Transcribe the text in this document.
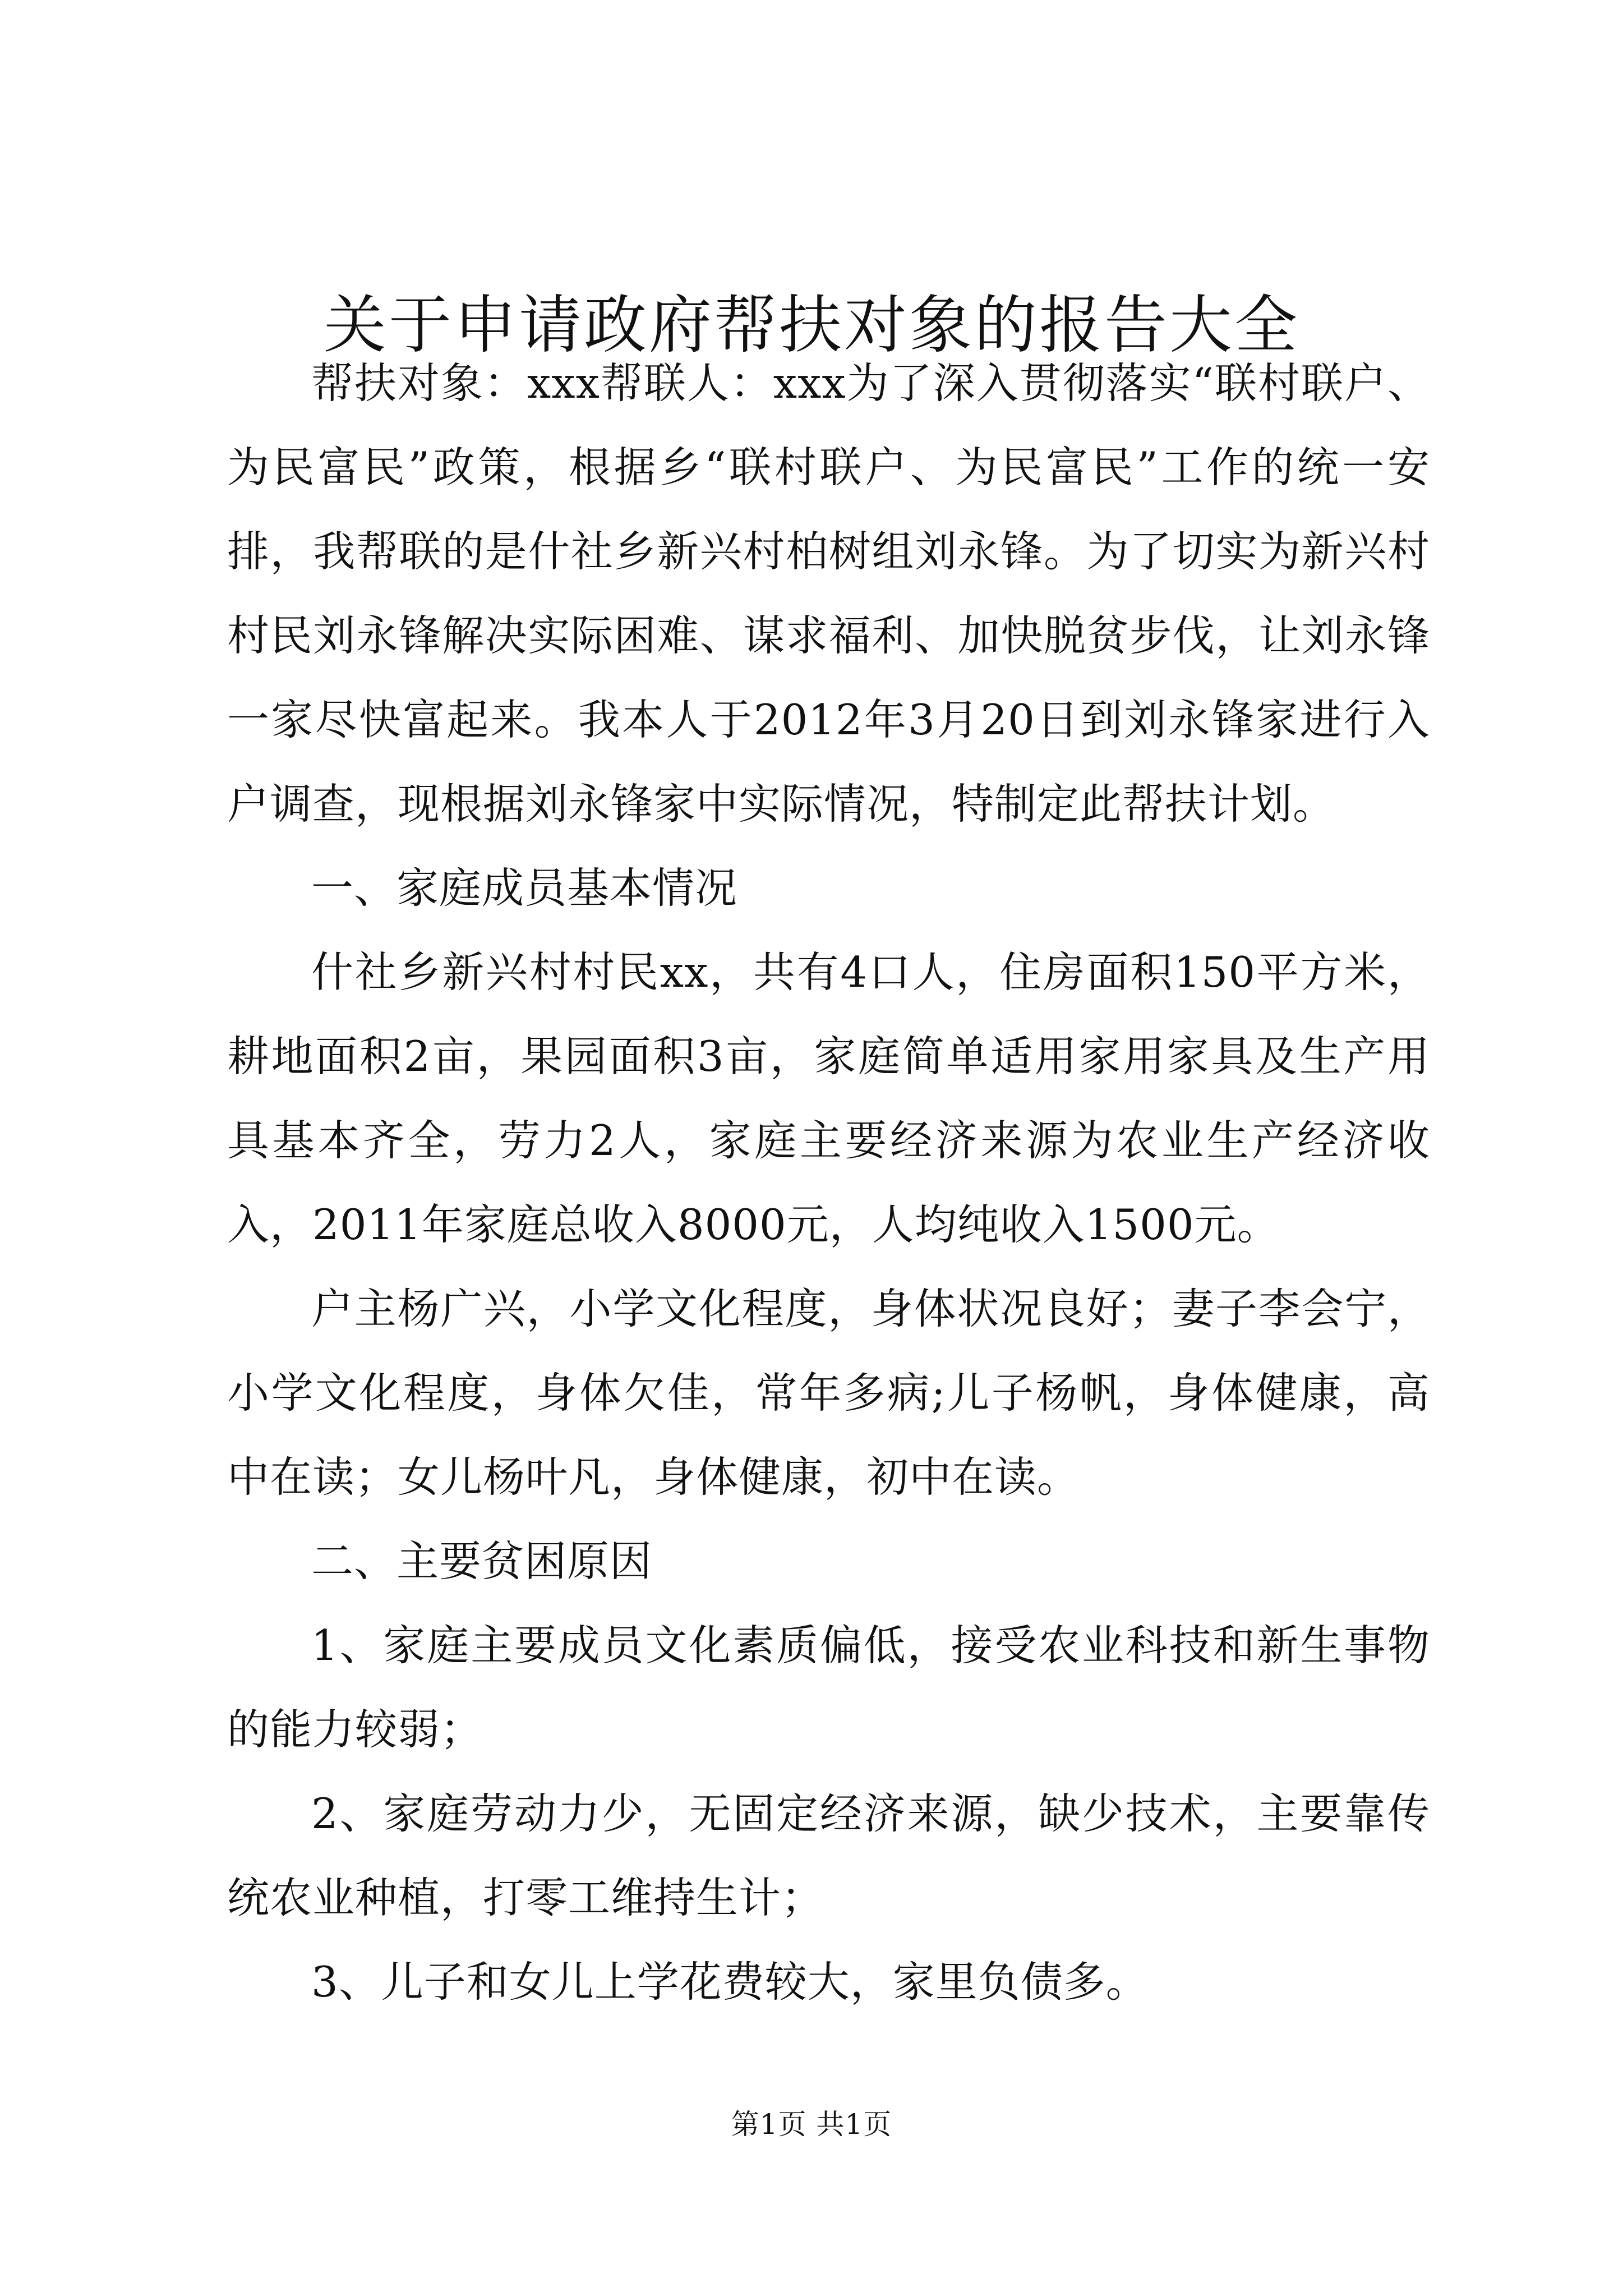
关于申请政府帮扶对象的报告大全

帮扶对象：xxx帮联人：xxx为了深入贯彻落实“联村联户、为民富民”政策，根据乡“联村联户、为民富民”工作的统一安排，我帮联的是什社乡新兴村柏树组刘永锋。为了切实为新兴村村民刘永锋解决实际困难、谋求福利、加快脱贫步伐，让刘永锋一家尽快富起来。我本人于2012年3月20日到刘永锋家进行入户调查，现根据刘永锋家中实际情况，特制定此帮扶计划。

一、家庭成员基本情况

什社乡新兴村村民xx，共有4口人，住房面积150平方米，耕地面积2亩，果园面积3亩，家庭简单适用家用家具及生产用具基本齐全，劳力2人，家庭主要经济来源为农业生产经济收入，2011年家庭总收入8000元，人均纯收入1500元。

户主杨广兴，小学文化程度，身体状况良好；妻子李会宁，小学文化程度，身体欠佳，常年多病;儿子杨帆，身体健康，高中在读；女儿杨叶凡，身体健康，初中在读。

二、主要贫困原因

1、家庭主要成员文化素质偏低，接受农业科技和新生事物的能力较弱；

2、家庭劳动力少，无固定经济来源，缺少技术，主要靠传统农业种植，打零工维持生计；

3、儿子和女儿上学花费较大，家里负债多。

第1页 共1页
